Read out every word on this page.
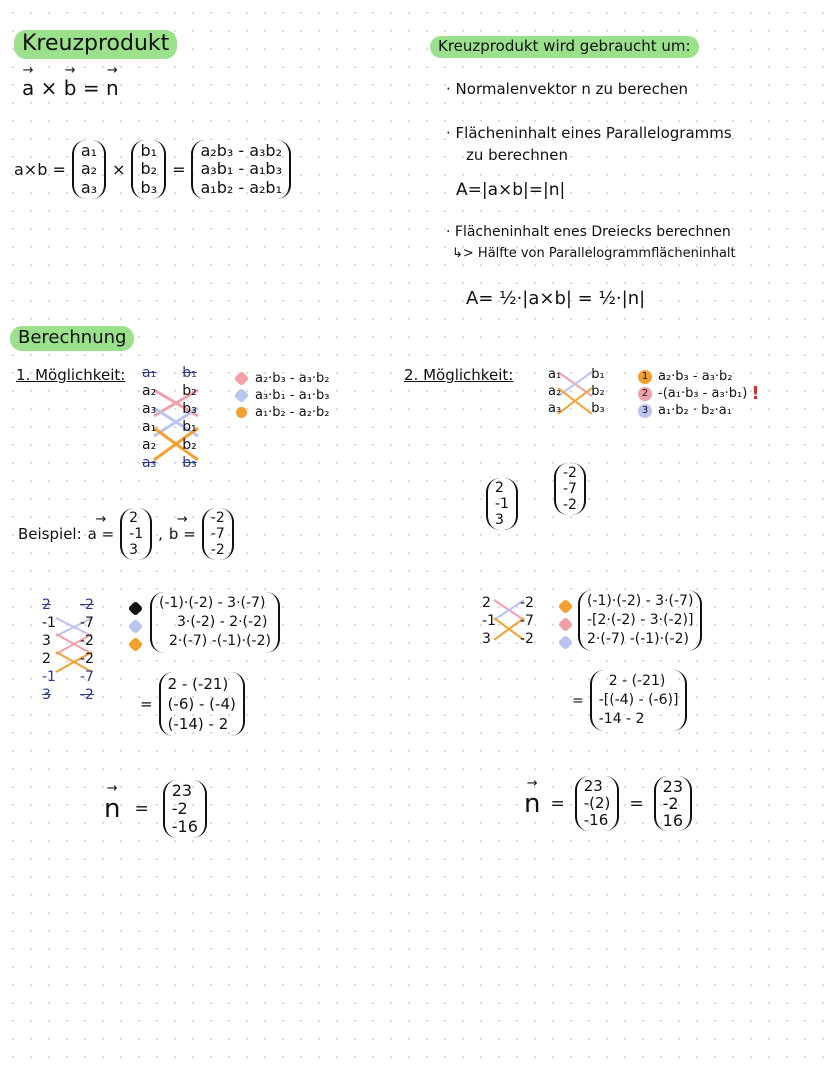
Kreuzprodukt
→ a × → b = → n
a×b =
a₁
a₂
a₃
×
b₁
b₂
b₃
=
a₂b₃ - a₃b₂
a₃b₁ - a₁b₃
a₁b₂ - a₂b₁
Kreuzprodukt wird gebraucht um:
· Normalenvektor n zu berechen
· Flächeninhalt eines Parallelogramms
zu berechnen
A=|a×b|=|n|
· Flächeninhalt enes Dreiecks berechnen
↳> Hälfte von Parallelogrammflächeninhalt
A= ½·|a×b| = ½·|n|
Berechnung
1. Möglichkeit: a₁
a₂
a₃
a₁
a₂
a₃
b₁
b₂
b₃
b₁
b₂
b₃
a₂·b₃ - a₃·b₂
a₃·b₁ - a₁·b₃
a₁·b₂ - a₂·b₂
2. Möglichkeit:	a₁
a₂
a₃
b₁
b₂
b₃
1 a₂·b₃ - a₃·b₂
2 -(a₁·b₃ - a₃·b₁) !
3 a₁·b₂ · b₂·a₁
Beispiel: → a =
2
-1
3
, → b =
-2
-7
-2
2
-1
3
-2
-7
-2
2
-1
3
2
-1
3
-2
-7
-2
-2
-7
-2
(-1)·(-2) - 3·(-7)
3·(-2) - 2·(-2)
2·(-7) -(-1)·(-2)
=
2 - (-21)
(-6) - (-4)
(-14) - 2
→ n =
23
-2
-16
2
-1
3
-2
-7
-2
(-1)·(-2) - 3·(-7)
-[2·(-2) - 3·(-2)]
2·(-7) -(-1)·(-2)
=
2 - (-21)
-[(-4) - (-6)]
-14 - 2
→ n =
23
-(2)
-16
=
23
-2
16
